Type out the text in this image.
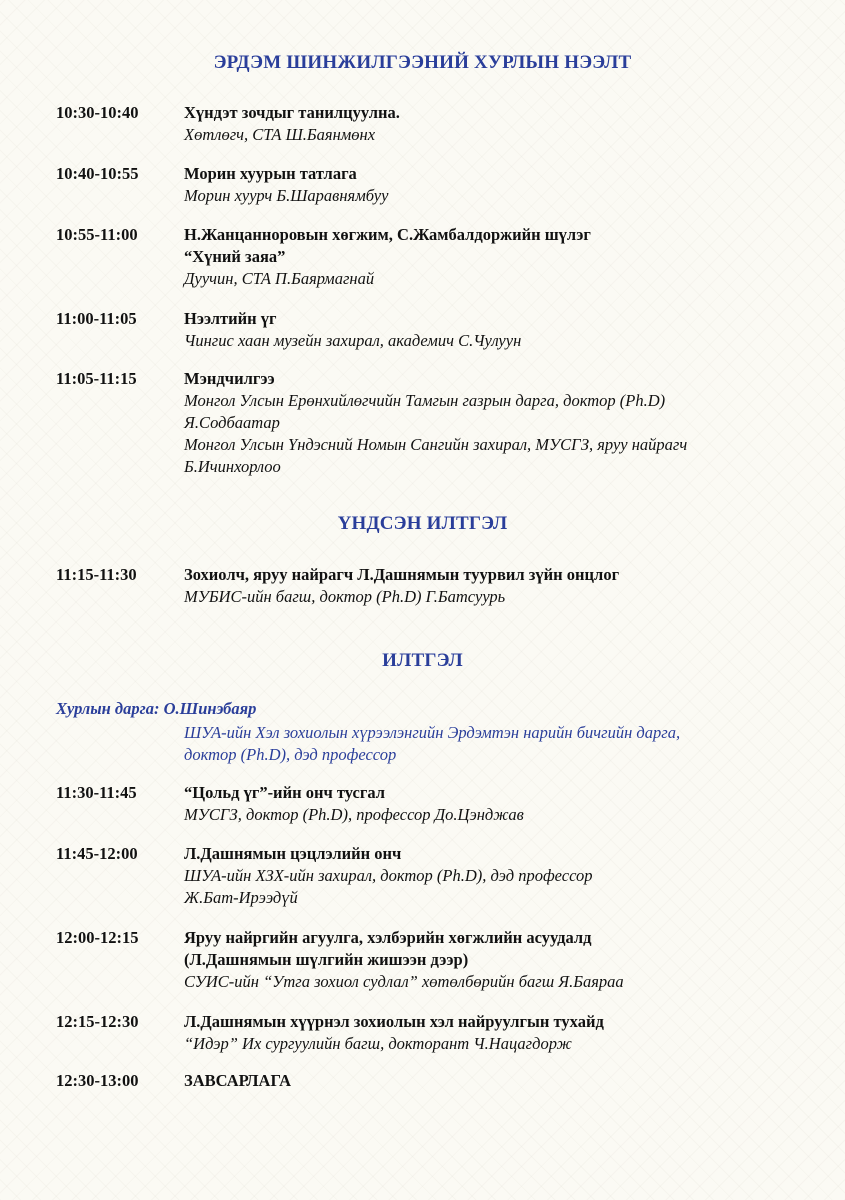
ЭРДЭМ ШИНЖИЛГЭЭНИЙ ХУРЛЫН НЭЭЛТ
10:30-10:40	Хүндэт зочдыг танилцуулна.
Хөтлөгч, СТА Ш.Баянмөнх
10:40-10:55	Морин хуурын татлага
Морин хуурч Б.Шаравнямбуу
10:55-11:00	Н.Жанцанноровын хөгжим, С.Жамбалдоржийн шүлэг
“Хүний заяа”
Дуучин, СТА П.Баярмагнай
11:00-11:05	Нээлтийн үг
Чингис хаан музейн захирал, академич С.Чулуун
11:05-11:15	Мэндчилгээ
Монгол Улсын Ерөнхийлөгчийн Тамгын газрын дарга, доктор (Ph.D)
Я.Содбаатар
Монгол Улсын Үндэсний Номын Сангийн захирал, МУСГЗ, яруу найрагч
Б.Ичинхорлоо
ҮНДСЭН ИЛТГЭЛ
11:15-11:30	Зохиолч, яруу найрагч Л.Дашнямын туурвил зүйн онцлог
МУБИС-ийн багш, доктор (Ph.D) Г.Батсуурь
ИЛТГЭЛ
Хурлын дарга: О.Шинэбаяр
ШУА-ийн Хэл зохиолын хүрээлэнгийн Эрдэмтэн нарийн бичгийн дарга,
доктор (Ph.D), дэд профессор
11:30-11:45	“Цольд үг”-ийн онч тусгал
МУСГЗ, доктор (Ph.D), профессор До.Цэнджав
11:45-12:00	Л.Дашнямын цэцлэлийн онч
ШУА-ийн ХЗХ-ийн захирал, доктор (Ph.D), дэд профессор
Ж.Бат-Ирээдүй
12:00-12:15	Яруу найргийн агуулга, хэлбэрийн хөгжлийн асуудалд
(Л.Дашнямын шүлгийн жишээн дээр)
СУИС-ийн “Утга зохиол судлал” хөтөлбөрийн багш Я.Баяраа
12:15-12:30	Л.Дашнямын хүүрнэл зохиолын хэл найруулгын тухайд
“Идэр” Их сургуулийн багш, докторант Ч.Нацагдорж
12:30-13:00	ЗАВСАРЛАГА
